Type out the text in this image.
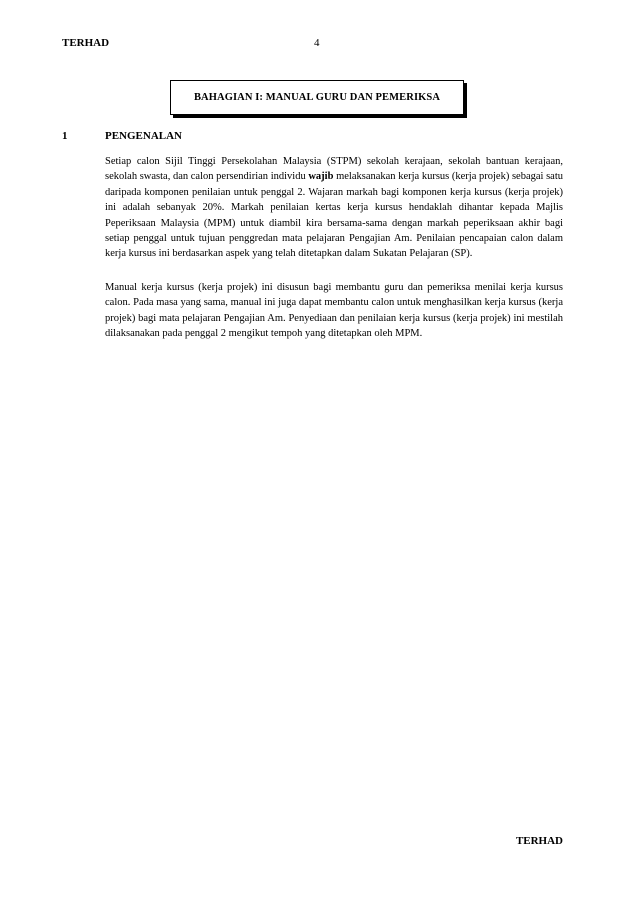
TERHAD	4
BAHAGIAN I: MANUAL GURU DAN PEMERIKSA
1	PENGENALAN
Setiap calon Sijil Tinggi Persekolahan Malaysia (STPM) sekolah kerajaan, sekolah bantuan kerajaan, sekolah swasta, dan calon persendirian individu wajib melaksanakan kerja kursus (kerja projek) sebagai satu daripada komponen penilaian untuk penggal 2. Wajaran markah bagi komponen kerja kursus (kerja projek) ini adalah sebanyak 20%. Markah penilaian kertas kerja kursus hendaklah dihantar kepada Majlis Peperiksaan Malaysia (MPM) untuk diambil kira bersama-sama dengan markah peperiksaan akhir bagi setiap penggal untuk tujuan penggredan mata pelajaran Pengajian Am. Penilaian pencapaian calon dalam kerja kursus ini berdasarkan aspek yang telah ditetapkan dalam Sukatan Pelajaran (SP).
Manual kerja kursus (kerja projek) ini disusun bagi membantu guru dan pemeriksa menilai kerja kursus calon. Pada masa yang sama, manual ini juga dapat membantu calon untuk menghasilkan kerja kursus (kerja projek) bagi mata pelajaran Pengajian Am. Penyediaan dan penilaian kerja kursus (kerja projek) ini mestilah dilaksanakan pada penggal 2 mengikut tempoh yang ditetapkan oleh MPM.
TERHAD
